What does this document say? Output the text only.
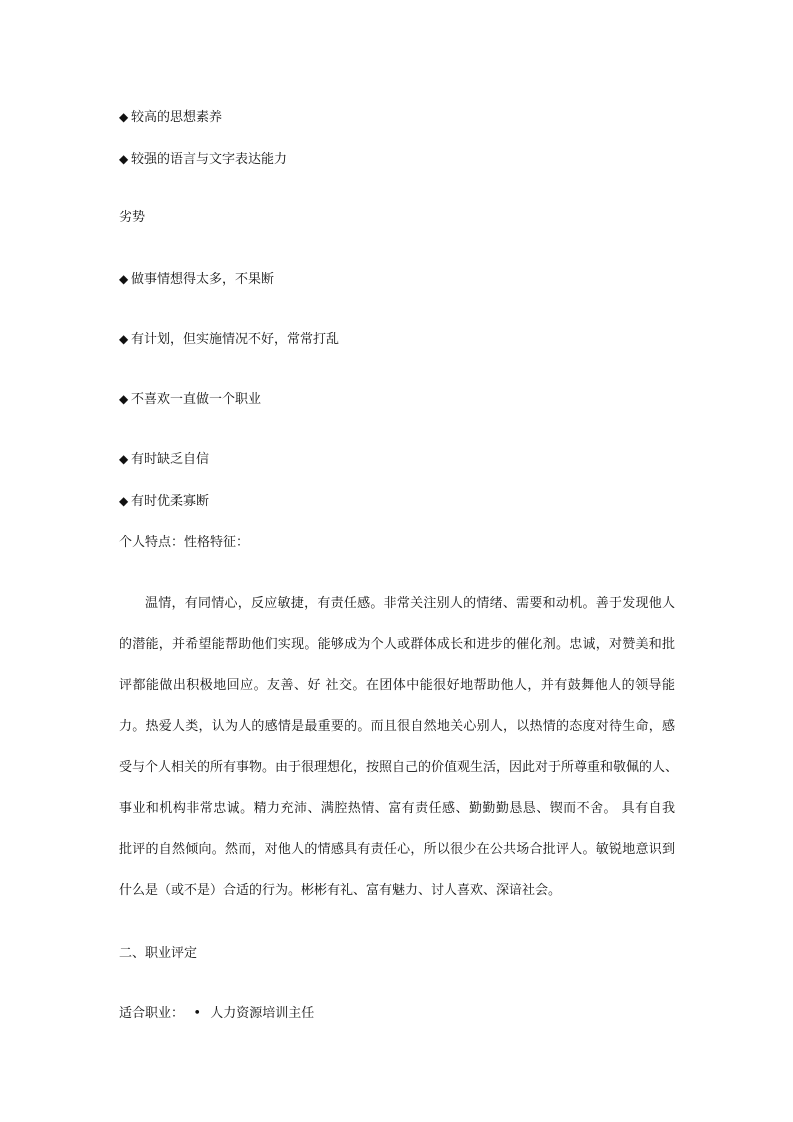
◆ 较高的思想素养
◆ 较强的语言与文字表达能力
劣势
◆ 做事情想得太多，不果断
◆ 有计划，但实施情况不好，常常打乱
◆ 不喜欢一直做一个职业
◆ 有时缺乏自信
◆ 有时优柔寡断
个人特点：性格特征：
温情，有同情心，反应敏捷，有责任感。非常关注别人的情绪、需要和动机。善于发现他人
的潜能，并希望能帮助他们实现。能够成为个人或群体成长和进步的催化剂。忠诚，对赞美和批
评都能做出积极地回应。友善、好 社交。在团体中能很好地帮助他人，并有鼓舞他人的领导能
力。热爱人类，认为人的感情是最重要的。而且很自然地关心别人，以热情的态度对待生命，感
受与个人相关的所有事物。由于很理想化，按照自己的价值观生活，因此对于所尊重和敬佩的人、
事业和机构非常忠诚。精力充沛、满腔热情、富有责任感、勤勤勤恳恳、锲而不舍。 具有自我
批评的自然倾向。然而，对他人的情感具有责任心，所以很少在公共场合批评人。敏锐地意识到
什么是（或不是）合适的行为。彬彬有礼、富有魅力、讨人喜欢、深谙社会。
二、职业评定
适合职业： • 人力资源培训主任
